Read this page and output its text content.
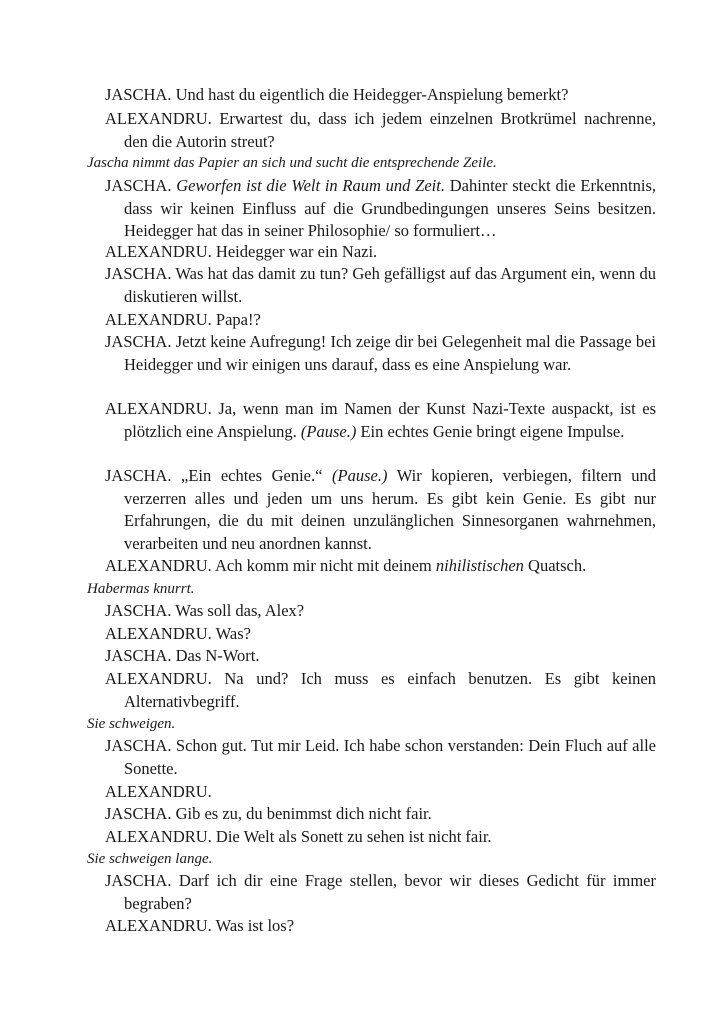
JASCHA. Und hast du eigentlich die Heidegger-Anspielung bemerkt?
ALEXANDRU. Erwartest du, dass ich jedem einzelnen Brotkrümel nachrenne, den die Autorin streut?
Jascha nimmt das Papier an sich und sucht die entsprechende Zeile.
JASCHA. Geworfen ist die Welt in Raum und Zeit. Dahinter steckt die Erkenntnis, dass wir keinen Einfluss auf die Grundbedingungen unseres Seins besitzen. Heidegger hat das in seiner Philosophie/ so formuliert…
ALEXANDRU. Heidegger war ein Nazi.
JASCHA. Was hat das damit zu tun? Geh gefälligst auf das Argument ein, wenn du diskutieren willst.
ALEXANDRU. Papa!?
JASCHA. Jetzt keine Aufregung! Ich zeige dir bei Gelegenheit mal die Passage bei Heidegger und wir einigen uns darauf, dass es eine Anspielung war.
ALEXANDRU. Ja, wenn man im Namen der Kunst Nazi-Texte auspackt, ist es plötzlich eine Anspielung. (Pause.) Ein echtes Genie bringt eigene Impulse.
JASCHA. „Ein echtes Genie.“ (Pause.) Wir kopieren, verbiegen, filtern und verzerren alles und jeden um uns herum. Es gibt kein Genie. Es gibt nur Erfahrungen, die du mit deinen unzulänglichen Sinnesorganen wahrnehmen, verarbeiten und neu anordnen kannst.
ALEXANDRU. Ach komm mir nicht mit deinem nihilistischen Quatsch.
Habermas knurrt.
JASCHA. Was soll das, Alex?
ALEXANDRU. Was?
JASCHA. Das N-Wort.
ALEXANDRU. Na und? Ich muss es einfach benutzen. Es gibt keinen Alternativbegriff.
Sie schweigen.
JASCHA. Schon gut. Tut mir Leid. Ich habe schon verstanden: Dein Fluch auf alle Sonette.
ALEXANDRU.
JASCHA. Gib es zu, du benimmst dich nicht fair.
ALEXANDRU. Die Welt als Sonett zu sehen ist nicht fair.
Sie schweigen lange.
JASCHA. Darf ich dir eine Frage stellen, bevor wir dieses Gedicht für immer begraben?
ALEXANDRU. Was ist los?
